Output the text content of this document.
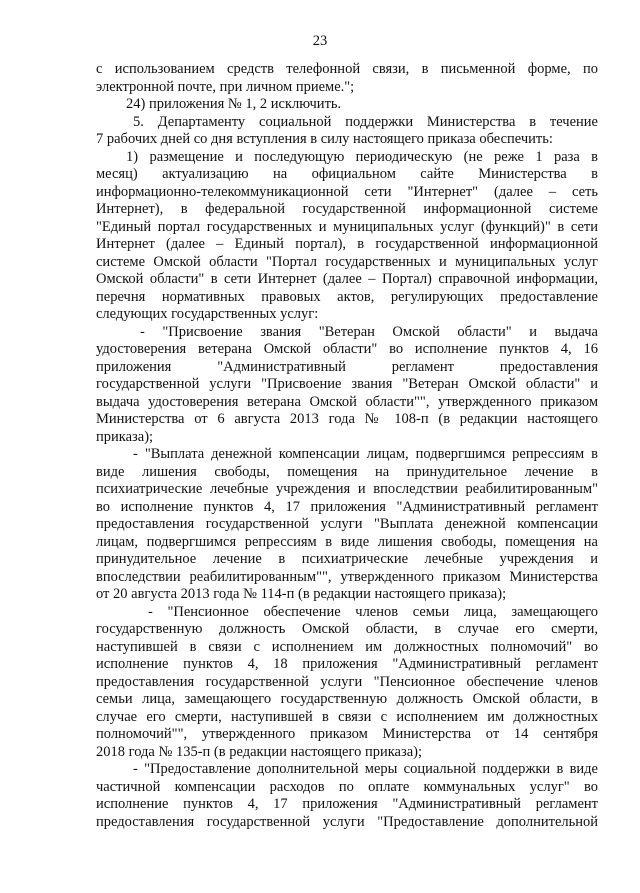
23
с использованием средств телефонной связи, в письменной форме, по
электронной почте, при личном приеме.";
24) приложения № 1, 2 исключить.
5. Департаменту социальной поддержки Министерства в течение
7 рабочих дней со дня вступления в силу настоящего приказа обеспечить:
1) размещение и последующую периодическую (не реже 1 раза в
месяц) актуализацию на официальном сайте Министерства в
информационно-телекоммуникационной сети "Интернет" (далее – сеть
Интернет), в федеральной государственной информационной системе
"Единый портал государственных и муниципальных услуг (функций)" в сети
Интернет (далее – Единый портал), в государственной информационной
системе Омской области "Портал государственных и муниципальных услуг
Омской области" в сети Интернет (далее – Портал) справочной информации,
перечня нормативных правовых актов, регулирующих предоставление
следующих государственных услуг:
- "Присвоение звания "Ветеран Омской области" и выдача
удостоверения ветерана Омской области" во исполнение пунктов 4, 16
приложения "Административный регламент предоставления
государственной услуги "Присвоение звания "Ветеран Омской области" и
выдача удостоверения ветерана Омской области"", утвержденного приказом
Министерства от 6 августа 2013 года № 108-п (в редакции настоящего
приказа);
- "Выплата денежной компенсации лицам, подвергшимся репрессиям в
виде лишения свободы, помещения на принудительное лечение в
психиатрические лечебные учреждения и впоследствии реабилитированным"
во исполнение пунктов 4, 17 приложения "Административный регламент
предоставления государственной услуги "Выплата денежной компенсации
лицам, подвергшимся репрессиям в виде лишения свободы, помещения на
принудительное лечение в психиатрические лечебные учреждения и
впоследствии реабилитированным"", утвержденного приказом Министерства
от 20 августа 2013 года № 114-п (в редакции настоящего приказа);
- "Пенсионное обеспечение членов семьи лица, замещающего
государственную должность Омской области, в случае его смерти,
наступившей в связи с исполнением им должностных полномочий" во
исполнение пунктов 4, 18 приложения "Административный регламент
предоставления государственной услуги "Пенсионное обеспечение членов
семьи лица, замещающего государственную должность Омской области, в
случае его смерти, наступившей в связи с исполнением им должностных
полномочий"", утвержденного приказом Министерства от 14 сентября
2018 года № 135-п (в редакции настоящего приказа);
- "Предоставление дополнительной меры социальной поддержки в виде
частичной компенсации расходов по оплате коммунальных услуг" во
исполнение пунктов 4, 17 приложения "Административный регламент
предоставления государственной услуги "Предоставление дополнительной
